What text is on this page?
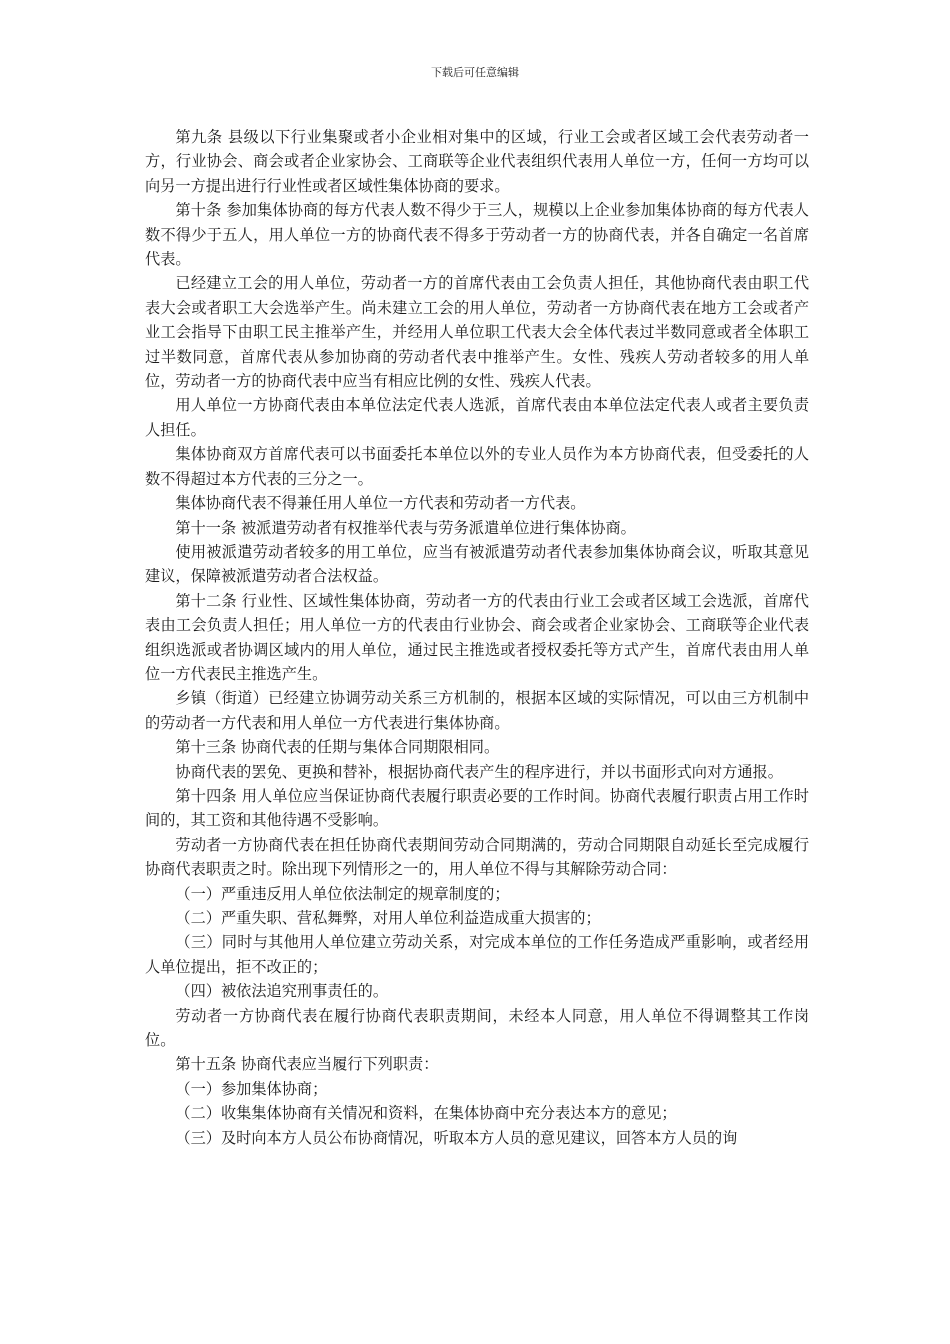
下载后可任意编辑

第九条 县级以下行业集聚或者小企业相对集中的区域，行业工会或者区域工会代表劳动者一方，行业协会、商会或者企业家协会、工商联等企业代表组织代表用人单位一方，任何一方均可以向另一方提出进行行业性或者区域性集体协商的要求。

第十条 参加集体协商的每方代表人数不得少于三人，规模以上企业参加集体协商的每方代表人数不得少于五人，用人单位一方的协商代表不得多于劳动者一方的协商代表，并各自确定一名首席代表。

已经建立工会的用人单位，劳动者一方的首席代表由工会负责人担任，其他协商代表由职工代表大会或者职工大会选举产生。尚未建立工会的用人单位，劳动者一方协商代表在地方工会或者产业工会指导下由职工民主推举产生，并经用人单位职工代表大会全体代表过半数同意或者全体职工过半数同意，首席代表从参加协商的劳动者代表中推举产生。女性、残疾人劳动者较多的用人单位，劳动者一方的协商代表中应当有相应比例的女性、残疾人代表。

用人单位一方协商代表由本单位法定代表人选派，首席代表由本单位法定代表人或者主要负责人担任。

集体协商双方首席代表可以书面委托本单位以外的专业人员作为本方协商代表，但受委托的人数不得超过本方代表的三分之一。

集体协商代表不得兼任用人单位一方代表和劳动者一方代表。

第十一条 被派遣劳动者有权推举代表与劳务派遣单位进行集体协商。

使用被派遣劳动者较多的用工单位，应当有被派遣劳动者代表参加集体协商会议，听取其意见建议，保障被派遣劳动者合法权益。

第十二条 行业性、区域性集体协商，劳动者一方的代表由行业工会或者区域工会选派，首席代表由工会负责人担任；用人单位一方的代表由行业协会、商会或者企业家协会、工商联等企业代表组织选派或者协调区域内的用人单位，通过民主推选或者授权委托等方式产生，首席代表由用人单位一方代表民主推选产生。

乡镇（街道）已经建立协调劳动关系三方机制的，根据本区域的实际情况，可以由三方机制中的劳动者一方代表和用人单位一方代表进行集体协商。

第十三条 协商代表的任期与集体合同期限相同。

协商代表的罢免、更换和替补，根据协商代表产生的程序进行，并以书面形式向对方通报。

第十四条 用人单位应当保证协商代表履行职责必要的工作时间。协商代表履行职责占用工作时间的，其工资和其他待遇不受影响。

劳动者一方协商代表在担任协商代表期间劳动合同期满的，劳动合同期限自动延长至完成履行协商代表职责之时。除出现下列情形之一的，用人单位不得与其解除劳动合同：

（一）严重违反用人单位依法制定的规章制度的；

（二）严重失职、营私舞弊，对用人单位利益造成重大损害的；

（三）同时与其他用人单位建立劳动关系，对完成本单位的工作任务造成严重影响，或者经用人单位提出，拒不改正的；

（四）被依法追究刑事责任的。

劳动者一方协商代表在履行协商代表职责期间，未经本人同意，用人单位不得调整其工作岗位。

第十五条 协商代表应当履行下列职责：

（一）参加集体协商；

（二）收集集体协商有关情况和资料，在集体协商中充分表达本方的意见；

（三）及时向本方人员公布协商情况，听取本方人员的意见建议，回答本方人员的询
